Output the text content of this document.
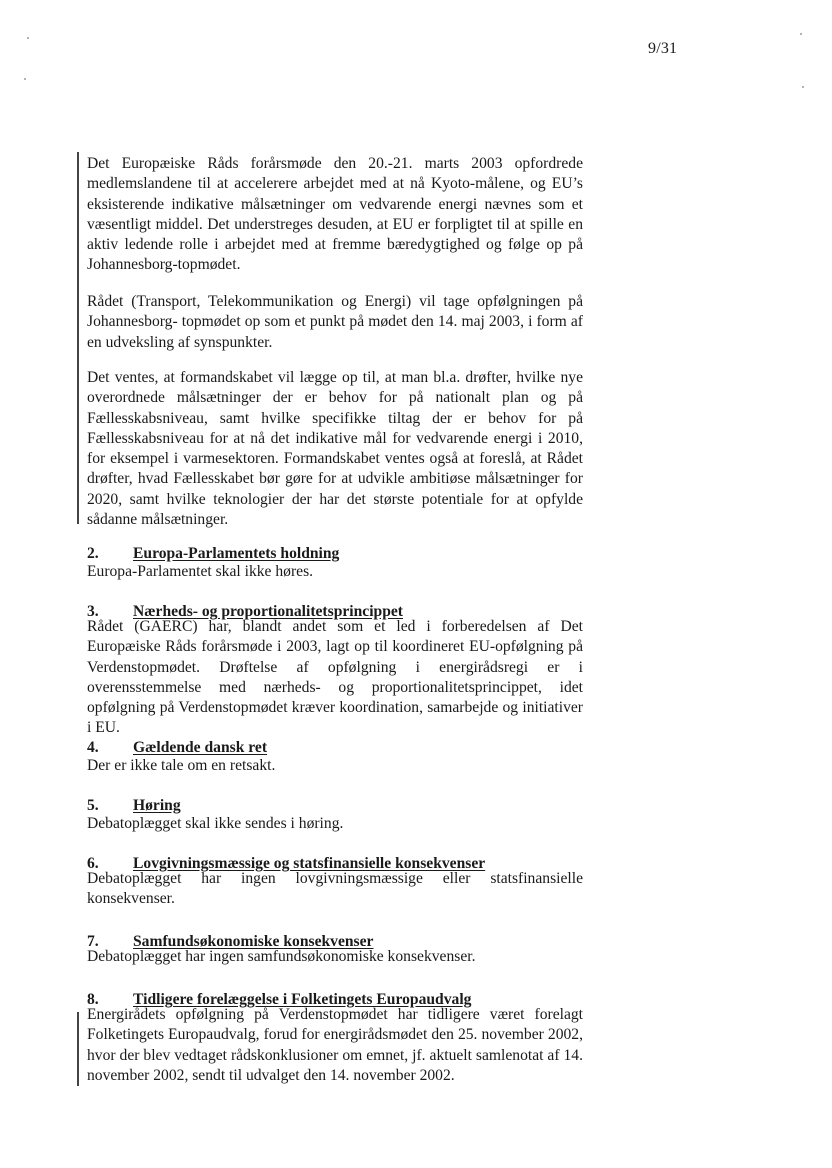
9/31

Det Europæiske Råds forårsmøde den 20.-21. marts 2003 opfordrede medlemslandene til at accelerere arbejdet med at nå Kyoto-målene, og EU’s eksisterende indikative målsætninger om vedvarende energi nævnes som et væsentligt middel. Det understreges desuden, at EU er forpligtet til at spille en aktiv ledende rolle i arbejdet med at fremme bæredygtighed og følge op på Johannesborg-topmødet.

Rådet (Transport, Telekommunikation og Energi) vil tage opfølgningen på Johannesborg- topmødet op som et punkt på mødet den 14. maj 2003, i form af en udveksling af synspunkter.

Det ventes, at formandskabet vil lægge op til, at man bl.a. drøfter, hvilke nye overordnede målsætninger der er behov for på nationalt plan og på Fællesskabsniveau, samt hvilke specifikke tiltag der er behov for på Fællesskabsniveau for at nå det indikative mål for vedvarende energi i 2010, for eksempel i varmesektoren. Formandskabet ventes også at foreslå, at Rådet drøfter, hvad Fællesskabet bør gøre for at udvikle ambitiøse målsætninger for 2020, samt hvilke teknologier der har det største potentiale for at opfylde sådanne målsætninger.

2. Europa-Parlamentets holdning

Europa-Parlamentet skal ikke høres.

3. Nærheds- og proportionalitetsprincippet

Rådet (GAERC) har, blandt andet som et led i forberedelsen af Det Europæiske Råds forårsmøde i 2003, lagt op til koordineret EU-opfølgning på Verdenstopmødet. Drøftelse af opfølgning i energirådsregi er i overensstemmelse med nærheds- og proportionalitetsprincippet, idet opfølgning på Verdenstopmødet kræver koordination, samarbejde og initiativer i EU.

4. Gældende dansk ret

Der er ikke tale om en retsakt.

5. Høring

Debatoplægget skal ikke sendes i høring.

6. Lovgivningsmæssige og statsfinansielle konsekvenser

Debatoplægget har ingen lovgivningsmæssige eller statsfinansielle konsekvenser.

7. Samfundsøkonomiske konsekvenser

Debatoplægget har ingen samfundsøkonomiske konsekvenser.

8. Tidligere forelæggelse i Folketingets Europaudvalg

Energirådets opfølgning på Verdenstopmødet har tidligere været forelagt Folketingets Europaudvalg, forud for energirådsmødet den 25. november 2002, hvor der blev vedtaget rådskonklusioner om emnet, jf. aktuelt samlenotat af 14. november 2002, sendt til udvalget den 14. november 2002.
